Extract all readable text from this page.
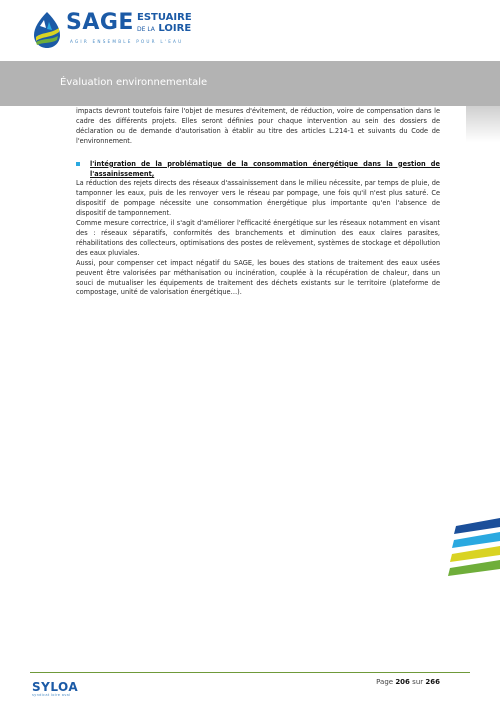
SAGE ESTUAIRE
DE LA LOIRE
AGIR ENSEMBLE POUR L'EAU
Évaluation environnementale

impacts devront toutefois faire l'objet de mesures d'évitement, de réduction, voire de compensation dans le cadre des différents projets. Elles seront définies pour chaque intervention au sein des dossiers de déclaration ou de demande d'autorisation à établir au titre des articles L.214-1 et suivants du Code de l'environnement.

l'intégration de la problématique de la consommation énergétique dans la gestion de l'assainissement,

La réduction des rejets directs des réseaux d'assainissement dans le milieu nécessite, par temps de pluie, de tamponner les eaux, puis de les renvoyer vers le réseau par pompage, une fois qu'il n'est plus saturé. Ce dispositif de pompage nécessite une consommation énergétique plus importante qu'en l'absence de dispositif de tamponnement.

Comme mesure correctrice, il s'agit d'améliorer l'efficacité énergétique sur les réseaux notamment en visant des : réseaux séparatifs, conformités des branchements et diminution des eaux claires parasites, réhabilitations des collecteurs, optimisations des postes de relèvement, systèmes de stockage et dépollution des eaux pluviales.

Aussi, pour compenser cet impact négatif du SAGE, les boues des stations de traitement des eaux usées peuvent être valorisées par méthanisation ou incinération, couplée à la récupération de chaleur, dans un souci de mutualiser les équipements de traitement des déchets existants sur le territoire (plateforme de compostage, unité de valorisation énergétique…).

SYLOA
syndicat loire aval
Page 206 sur 266
